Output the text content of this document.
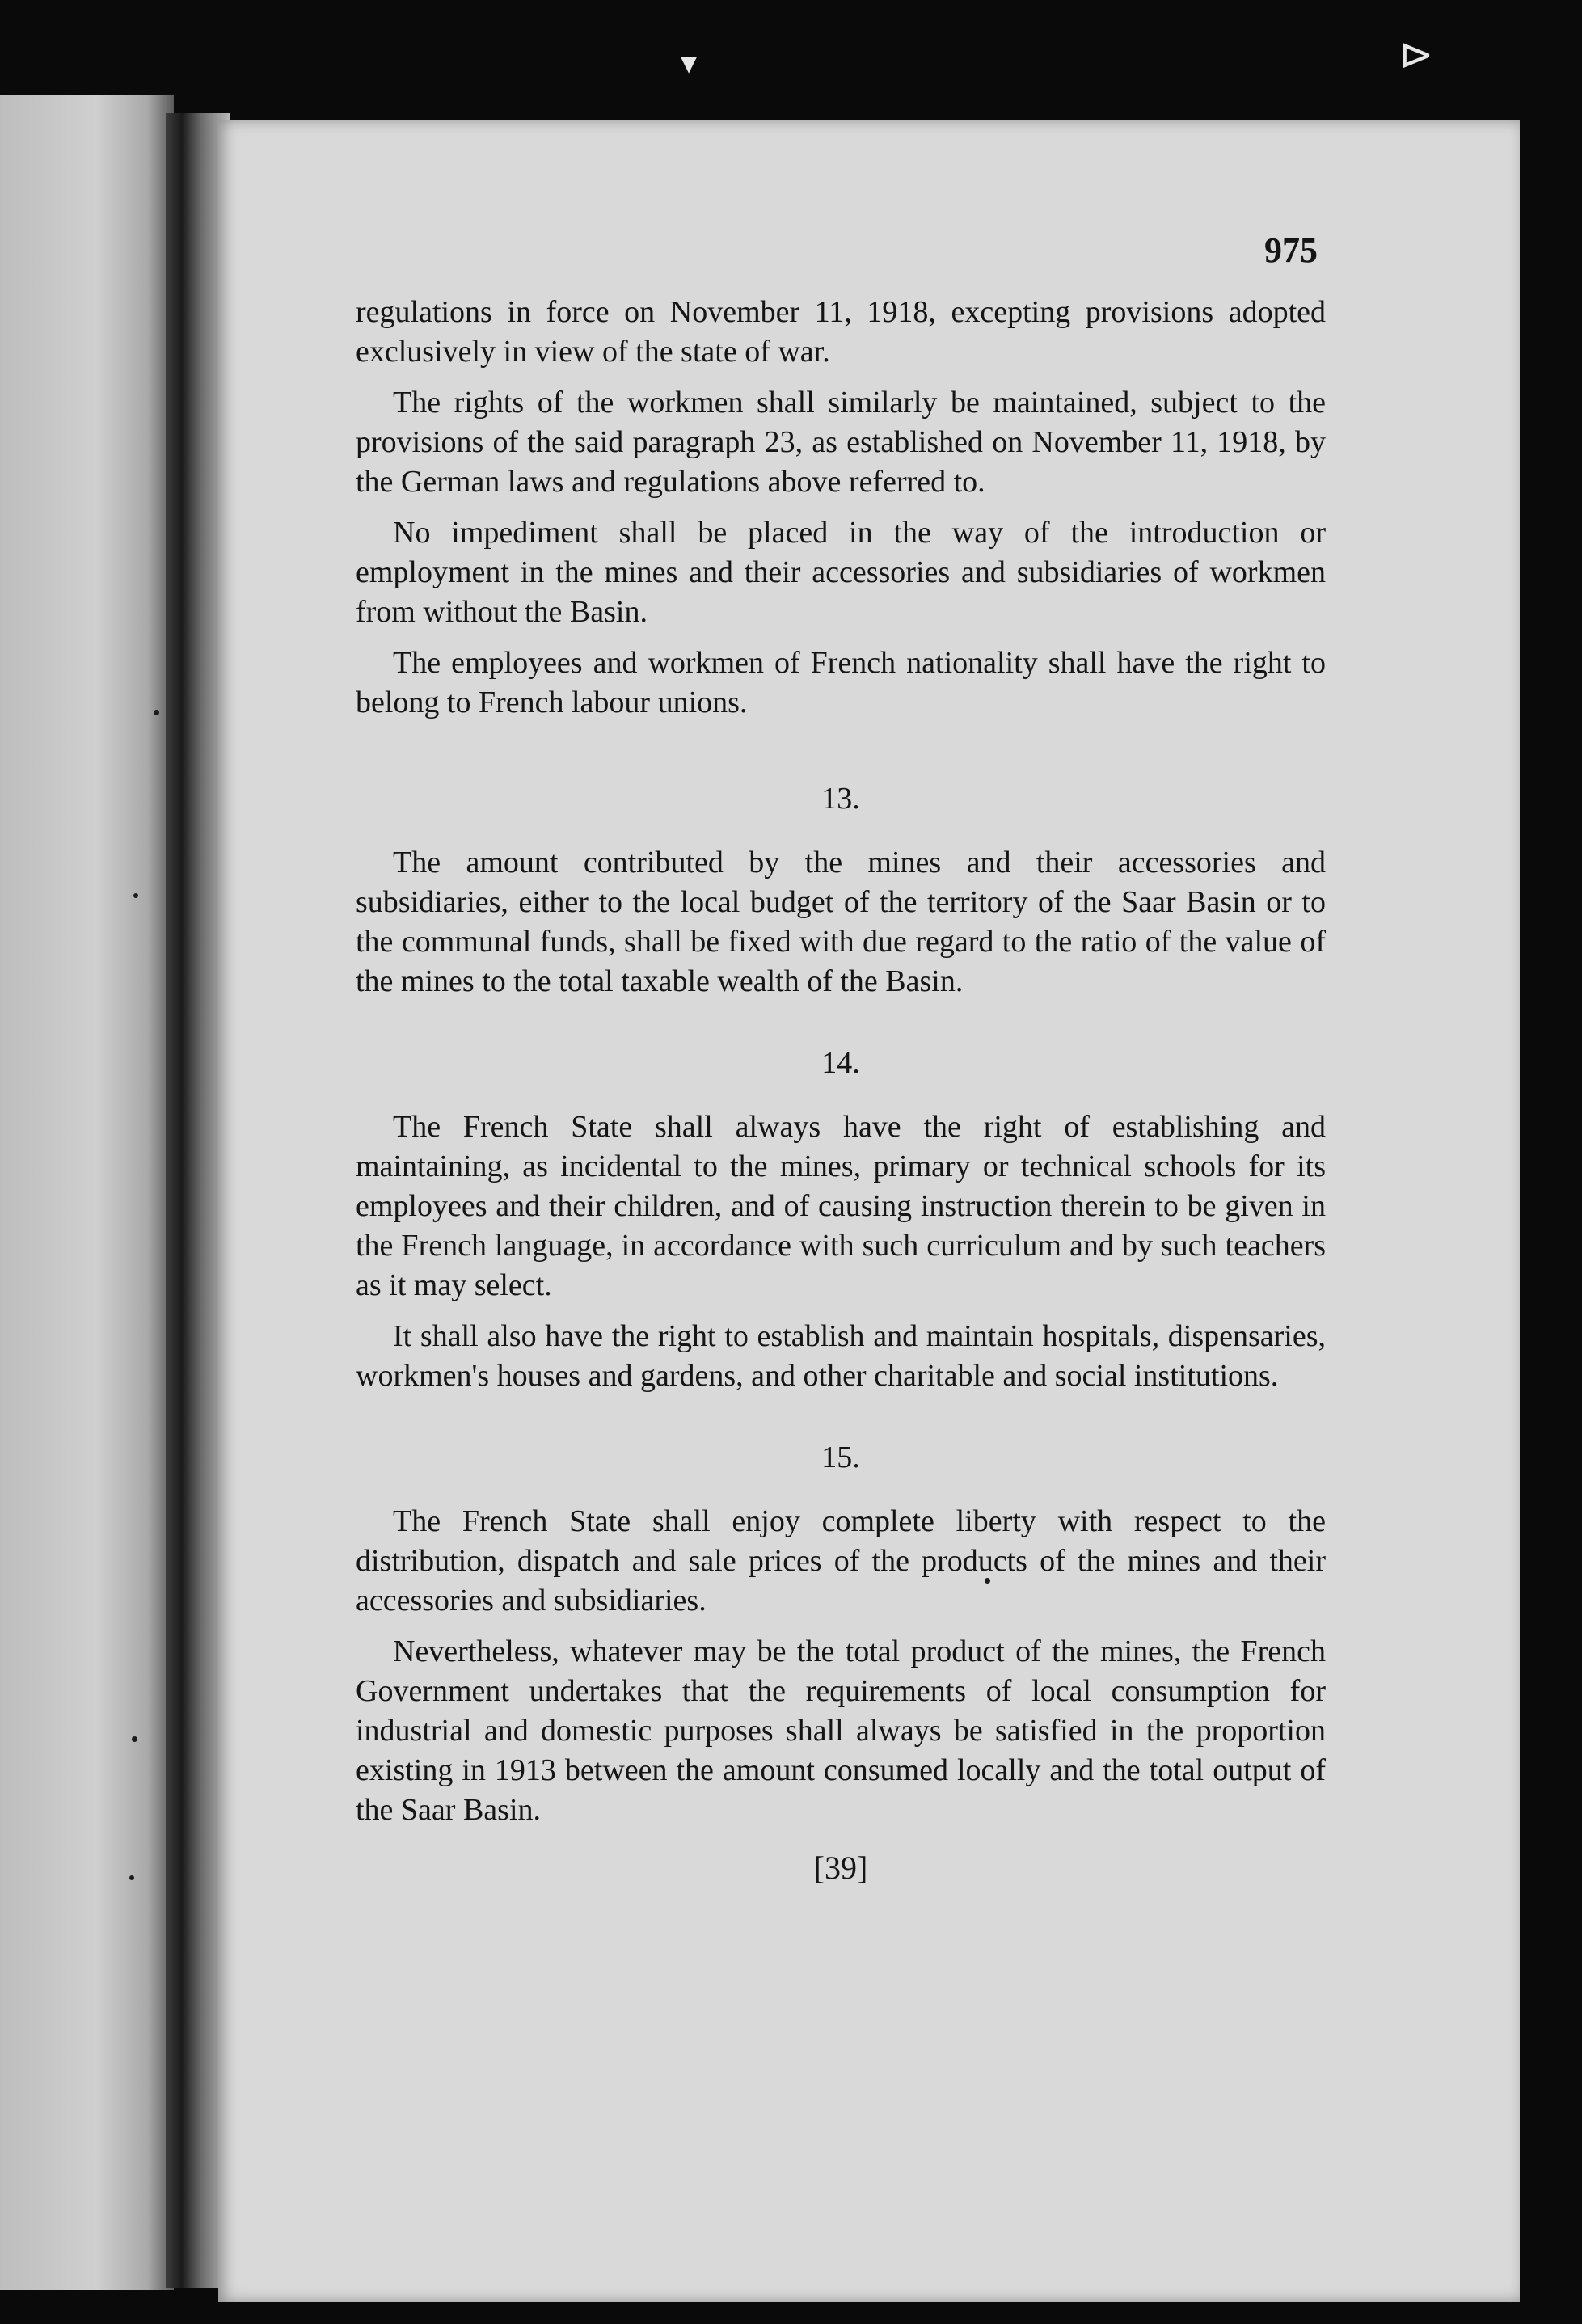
▾	⊳
975

regulations in force on November 11, 1918, excepting provisions adopted exclusively in view of the state of war.

The rights of the workmen shall similarly be maintained, subject to the provisions of the said paragraph 23, as established on November 11, 1918, by the German laws and regulations above referred to.

No impediment shall be placed in the way of the introduction or employment in the mines and their accessories and subsidiaries of workmen from without the Basin.

The employees and workmen of French nationality shall have the right to belong to French labour unions.

13.

The amount contributed by the mines and their accessories and subsidiaries, either to the local budget of the territory of the Saar Basin or to the communal funds, shall be fixed with due regard to the ratio of the value of the mines to the total taxable wealth of the Basin.

14.

The French State shall always have the right of establishing and maintaining, as incidental to the mines, primary or technical schools for its employees and their children, and of causing instruction therein to be given in the French language, in accordance with such curriculum and by such teachers as it may select.

It shall also have the right to establish and maintain hospitals, dispensaries, workmen's houses and gardens, and other charitable and social institutions.

15.

The French State shall enjoy complete liberty with respect to the distribution, dispatch and sale prices of the products of the mines and their accessories and subsidiaries.

Nevertheless, whatever may be the total product of the mines, the French Government undertakes that the requirements of local consumption for industrial and domestic purposes shall always be satisfied in the proportion existing in 1913 between the amount consumed locally and the total output of the Saar Basin.

[39]
